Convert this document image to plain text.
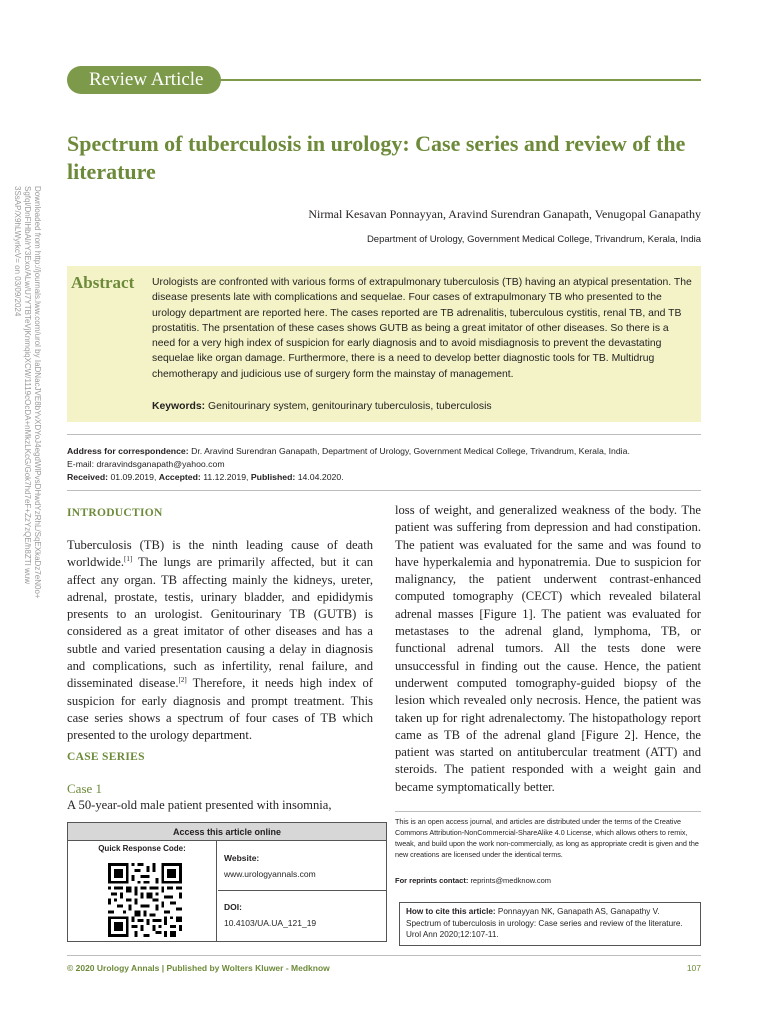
Review Article
Downloaded from http://journals.lww.com/urol by IaDNacJVE8bYvXDYoJ4egdWlPvsDHwdYzRhL/SqEXkaDz7eN0o+
Sgfql/DnFlHbAl/rY3Exo/ALw/U7YTBTeVjKnmqiqXCW/1119cOcDA+nMkzLKcG/Gok7hd7eF+ZzYzQE/h8ZTI wuw
3SsAP/X9hLWyrkcV= on 03/09/2024
Spectrum of tuberculosis in urology: Case series and review of the literature
Nirmal Kesavan Ponnayyan, Aravind Surendran Ganapath, Venugopal Ganapathy
Department of Urology, Government Medical College, Trivandrum, Kerala, India
Abstract Urologists are confronted with various forms of extrapulmonary tuberculosis (TB) having an atypical presentation. The disease presents late with complications and sequelae. Four cases of extrapulmonary TB who presented to the urology department are reported here. The cases reported are TB adrenalitis, tuberculous cystitis, renal TB, and TB prostatitis. The prsentation of these cases shows GUTB as being a great imitator of other diseases. So there is a need for a very high index of suspicion for early diagnosis and to avoid misdiagnosis to prevent the devastating sequelae like organ damage. Furthermore, there is a need to develop better diagnostic tools for TB. Multidrug chemotherapy and judicious use of surgery form the mainstay of management.
Keywords: Genitourinary system, genitourinary tuberculosis, tuberculosis
Address for correspondence: Dr. Aravind Surendran Ganapath, Department of Urology, Government Medical College, Trivandrum, Kerala, India.
E-mail: draravindsganapath@yahoo.com
Received: 01.09.2019, Accepted: 11.12.2019, Published: 14.04.2020.
INTRODUCTION

Tuberculosis (TB) is the ninth leading cause of death worldwide.[1] The lungs are primarily affected, but it can affect any organ. TB affecting mainly the kidneys, ureter, adrenal, prostate, testis, urinary bladder, and epididymis presents to an urologist. Genitourinary TB (GUTB) is considered as a great imitator of other diseases and has a subtle and varied presentation causing a delay in diagnosis and complications, such as infertility, renal failure, and disseminated disease.[2] Therefore, it needs high index of suspicion for early diagnosis and prompt treatment. This case series shows a spectrum of four cases of TB which presented to the urology department.

CASE SERIES
Case 1
A 50-year-old male patient presented with insomnia,
loss of weight, and generalized weakness of the body. The patient was suffering from depression and had constipation. The patient was evaluated for the same and was found to have hyperkalemia and hyponatremia. Due to suspicion for malignancy, the patient underwent contrast-enhanced computed tomography (CECT) which revealed bilateral adrenal masses [Figure 1]. The patient was evaluated for metastases to the adrenal gland, lymphoma, TB, or functional adrenal tumors. All the tests done were unsuccessful in finding out the cause. Hence, the patient underwent computed tomography-guided biopsy of the lesion which revealed only necrosis. Hence, the patient was taken up for right adrenalectomy. The histopathology report came as TB of the adrenal gland [Figure 2]. Hence, the patient was started on antitubercular treatment (ATT) and steroids. The patient responded with a weight gain and became symptomatically better.
Access this article online
Quick Response Code:
Website:
www.urologyannals.com
DOI:
10.4103/UA.UA_121_19
This is an open access journal, and articles are distributed under the terms of the Creative Commons Attribution-NonCommercial-ShareAlike 4.0 License, which allows others to remix, tweak, and build upon the work non-commercially, as long as appropriate credit is given and the new creations are licensed under the identical terms.
For reprints contact: reprints@medknow.com
How to cite this article: Ponnayyan NK, Ganapath AS, Ganapathy V. Spectrum of tuberculosis in urology: Case series and review of the literature. Urol Ann 2020;12:107-11.
© 2020 Urology Annals | Published by Wolters Kluwer - Medknow	107
